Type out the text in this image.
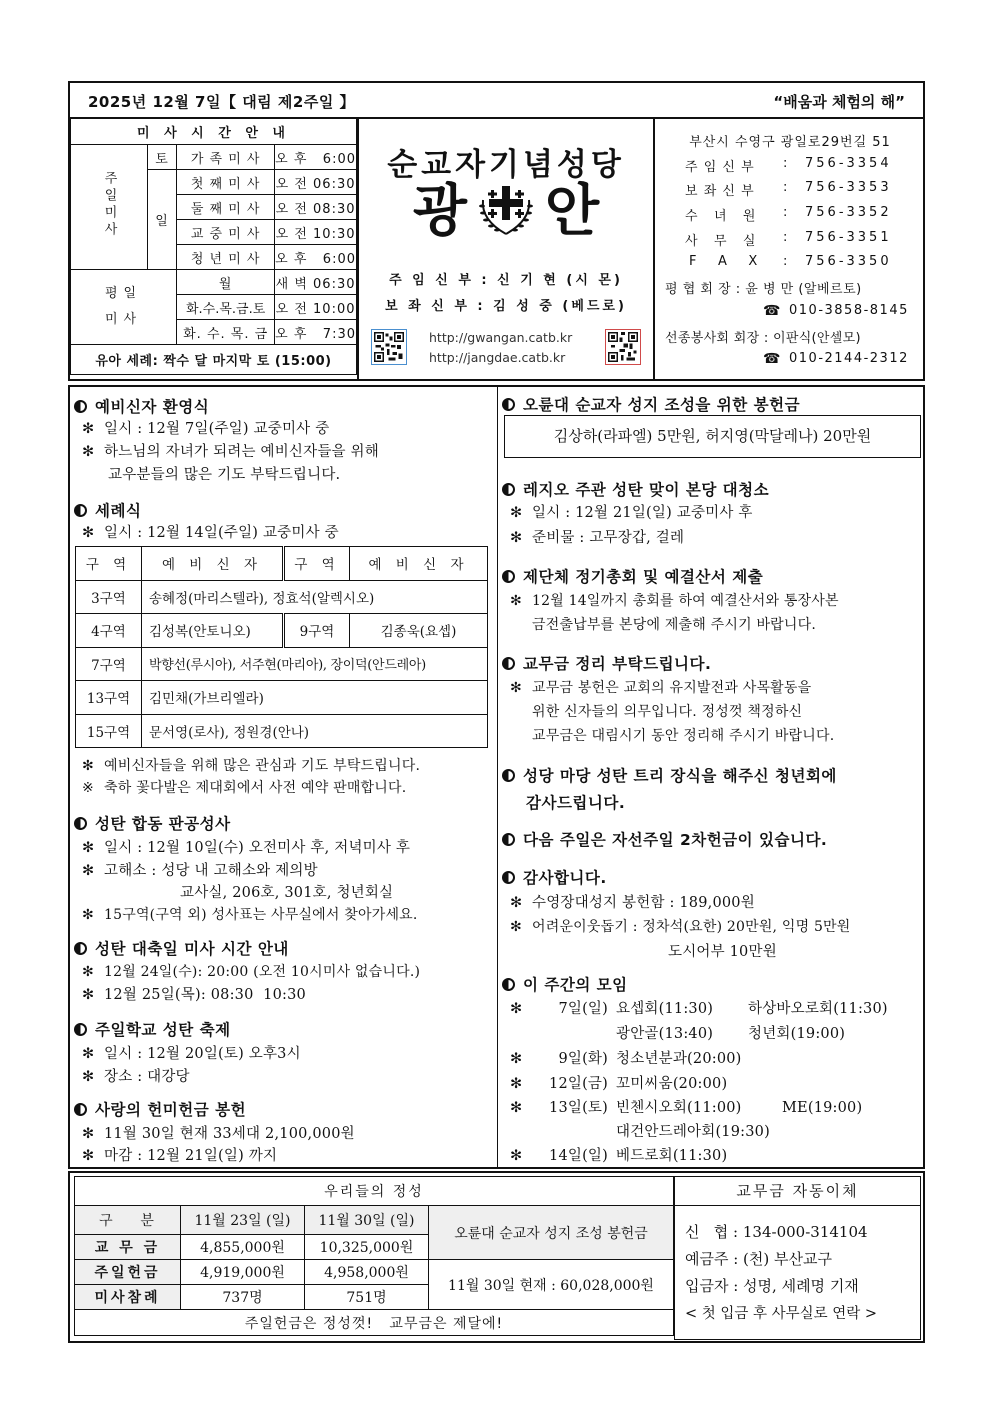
2025년 12월 7일【 대림 제2주일 】	“배움과 체험의 해”
미 사 시 간 안 내			
주일미사	토	가 족 미 사	오 후   6:00
	일	첫 째 미 사	오 전 06:30
		둘 째 미 사	오 전 08:30
		교 중 미 사	오 전 10:30
		청 년 미 사	오 후   6:00
평일미사		월	새 벽 06:30
		화.수.목.금.토	오 전 10:00
		화. 수. 목. 금	오 후   7:30
유아 세례: 짝수 달 마지막 토 (15:00)			
순교자기념성당
광 안
주 임 신 부 : 신 기 현 (시 몬)
보 좌 신 부 : 김 성 중 (베드로)
http://gwangan.catb.kr
http://jangdae.catb.kr
부산시 수영구 광일로29번길 51
주 임 신 부 : 756-3354
보 좌 신 부 : 756-3353
수   녀   원 : 756-3352
사   무   실 : 756-3351
F    A    X : 756-3350
평 협 회 장 : 윤 병 만 (알베르토)
☎ 010-3858-8145
선종봉사회 회장 : 이판식(안셀모)
☎ 010-2144-2312
예비신자 환영식
✻ 일시 : 12월 7일(주일) 교중미사 중
✻ 하느님의 자녀가 되려는 예비신자들을 위해
교우분들의 많은 기도 부탁드립니다.
세례식
✻ 일시 : 12월 14일(주일) 교중미사 중
구 역	예 비 신 자	구 역	예 비 신 자
3구역	송혜정(마리스텔라), 정효석(알렉시오)		
4구역	김성복(안토니오)	9구역	김종욱(요셉)
7구역	박향선(루시아), 서주현(마리아), 장이덕(안드레아)		
13구역	김민채(가브리엘라)		
15구역	문서영(로사), 정원경(안나)		
✻ 예비신자들을 위해 많은 관심과 기도 부탁드립니다.
※ 축하 꽃다발은 제대회에서 사전 예약 판매합니다.
성탄 합동 판공성사
✻ 일시 : 12월 10일(수) 오전미사 후, 저녁미사 후
✻ 고해소 : 성당 내 고해소와 제의방
교사실, 206호, 301호, 청년회실
✻ 15구역(구역 외) 성사표는 사무실에서 찾아가세요.
성탄 대축일 미사 시간 안내
✻ 12월 24일(수): 20:00 (오전 10시미사 없습니다.)
✻ 12월 25일(목): 08:30  10:30
주일학교 성탄 축제
✻ 일시 : 12월 20일(토) 오후3시
✻ 장소 : 대강당
사랑의 헌미헌금 봉헌
✻ 11월 30일 현재 33세대 2,100,000원
✻ 마감 : 12월 21일(일) 까지
오륜대 순교자 성지 조성을 위한 봉헌금
김상하(라파엘) 5만원, 허지영(막달레나) 20만원
레지오 주관 성탄 맞이 본당 대청소
✻ 일시 : 12월 21일(일) 교중미사 후
✻ 준비물 : 고무장갑, 걸레
제단체 정기총회 및 예결산서 제출
✻ 12월 14일까지 총회를 하여 예결산서와 통장사본
금전출납부를 본당에 제출해 주시기 바랍니다.
교무금 정리 부탁드립니다.
✻ 교무금 봉헌은 교회의 유지발전과 사목활동을
위한 신자들의 의무입니다. 정성껏 책정하신
교무금은 대림시기 동안 정리해 주시기 바랍니다.
성당 마당 성탄 트리 장식을 해주신 청년회에
감사드립니다.
다음 주일은 자선주일 2차헌금이 있습니다.
감사합니다.
✻ 수영장대성지 봉헌함 : 189,000원
✻ 어려운이웃돕기 : 정차석(요한) 20만원, 익명 5만원
도시어부 10만원
이 주간의 모임
✻ 7일(일) 요셉회(11:30) 하상바오로회(11:30)
광안골(13:40) 청년회(19:00)
✻ 9일(화) 청소년분과(20:00)
✻ 12일(금) 꼬미씨움(20:00)
✻ 13일(토) 빈첸시오회(11:00)	ME(19:00)
대건안드레아회(19:30)
✻ 14일(일) 베드로회(11:30)
우리들의 정성			
구    분	11월 23일 (일)	11월 30일 (일)	오륜대 순교자 성지 조성 봉헌금
교 무 금	4,855,000원	10,325,000원	
주일헌금	4,919,000원	4,958,000원	11월 30일 현재 : 60,028,000원
미사참례	737명	751명	
주일헌금은 정성껏!   교무금은 제달에!			
교무금 자동이체
신   협 : 134-000-314104
예금주 : (천) 부산교구
입금자 : 성명, 세례명 기재
< 첫 입금 후 사무실로 연락 >
